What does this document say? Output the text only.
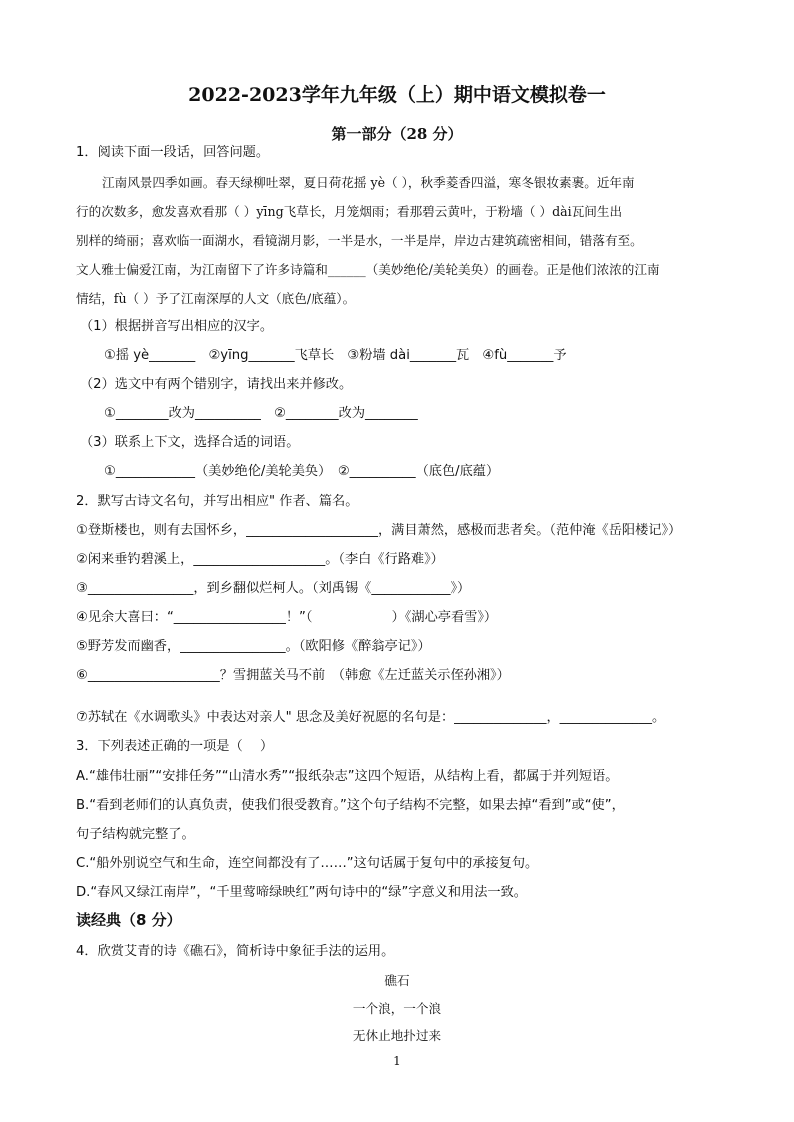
2022-2023学年九年级（上）期中语文模拟卷一
第一部分（28 分）
1．阅读下面一段话，回答问题。
江南风景四季如画。春天绿柳吐翠，夏日荷花摇 yè（ ），秋季菱香四溢，寒冬银妆素裹。近年南
行的次数多，愈发喜欢看那（ ）yīng飞草长，月笼烟雨；看那碧云黄叶，于粉墙（ ）dài瓦间生出
别样的绮丽；喜欢临一面湖水，看镜湖月影，一半是水，一半是岸，岸边古建筑疏密相间，错落有至。
文人雅士偏爱江南，为江南留下了许多诗篇和______（美妙绝伦/美轮美奂）的画卷。正是他们浓浓的江南
情结，fù（ ）予了江南深厚的人文（底色/底蕴）。
（1）根据拼音写出相应的汉字。
①摇 yè_______　②yīng_______飞草长　③粉墙 dài_______瓦　④fù_______予
（2）选文中有两个错别字，请找出来并修改。
①________改为__________　②________改为________
（3）联系上下文，选择合适的词语。
①____________（美妙绝伦/美轮美奂）　②__________（底色/底蕴）
2．默写古诗文名句，并写出相应" 作者、篇名。
①登斯楼也，则有去国怀乡，____________________，满目萧然，感极而悲者矣。（范仲淹《岳阳楼记》）
②闲来垂钓碧溪上，____________________。（李白《行路难》）
③________________，到乡翻似烂柯人。（刘禹锡《____________》）
④见余大喜曰：“_________________！”（　　　　　　）《湖心亭看雪》）
⑤野芳发而幽香，________________。（欧阳修《醉翁亭记》）
⑥____________________？雪拥蓝关马不前　（韩愈《左迁蓝关示侄孙湘》）
⑦苏轼在《水调歌头》中表达对亲人" 思念及美好祝愿的名句是：______________，______________。
3．下列表述正确的一项是（　 ）
A.“雄伟壮丽”“安排任务”“山清水秀”“报纸杂志”这四个短语，从结构上看，都属于并列短语。
B.“看到老师们的认真负责，使我们很受教育。”这个句子结构不完整，如果去掉“看到”或“使”，
句子结构就完整了。
C.“船外别说空气和生命，连空间都没有了……”这句话属于复句中的承接复句。
D.“春风又绿江南岸”，“千里莺啼绿映红”两句诗中的“绿”字意义和用法一致。
读经典（8 分）
4．欣赏艾青的诗《礁石》，简析诗中象征手法的运用。
礁石
一个浪，一个浪
无休止地扑过来
1
